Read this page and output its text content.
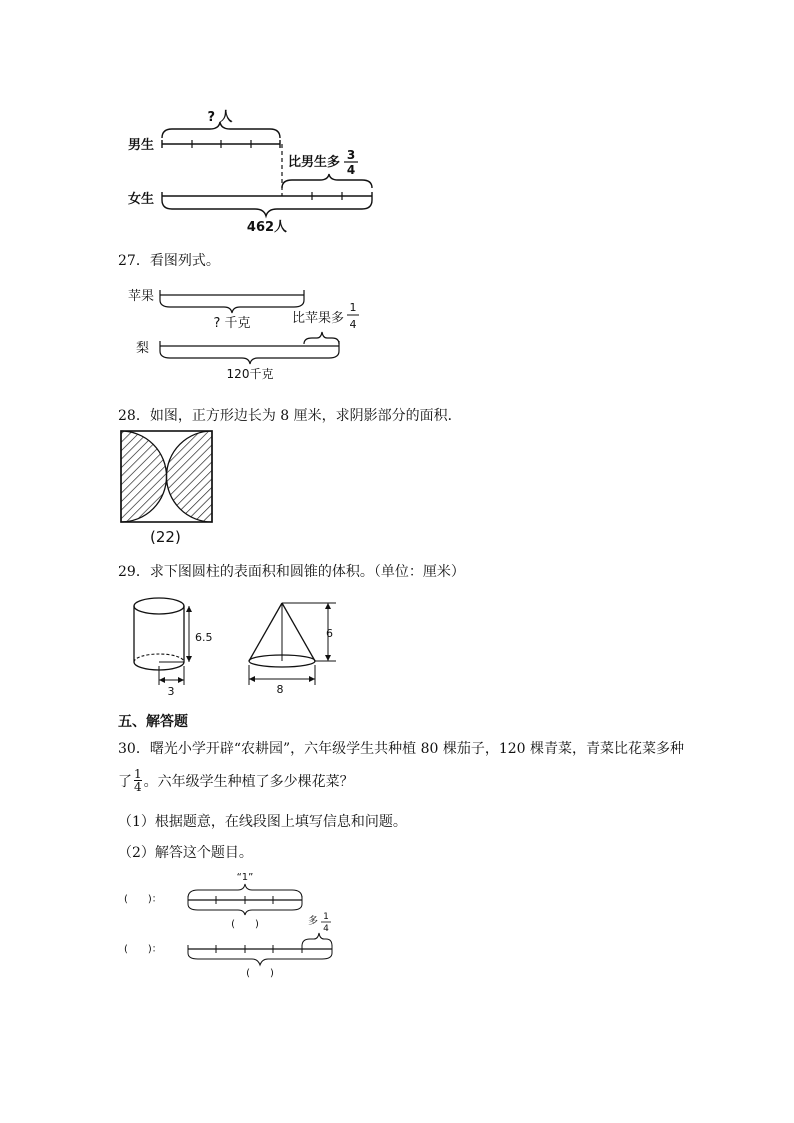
? 人
男生
比男生多 3
4
女生
462人
27．看图列式。
苹果
? 千克	比苹果多
1
4
梨
120千克
28．如图，正方形边长为 8 厘米，求阴影部分的面积．
(22)
29．求下图圆柱的表面积和圆锥的体积。（单位：厘米）
6.5
3
6
8
五、解答题
30．曙光小学开辟“农耕园”，六年级学生共种植 80 棵茄子，120 棵青菜，青菜比花菜多种
了 $\frac{1}{4}$ 。六年级学生种植了多少棵花菜？
（1）根据题意，在线段图上填写信息和问题。
（2）解答这个题目。
(　　)：
“1”
(　　)	多 1
4
(　　)：
(　　)
